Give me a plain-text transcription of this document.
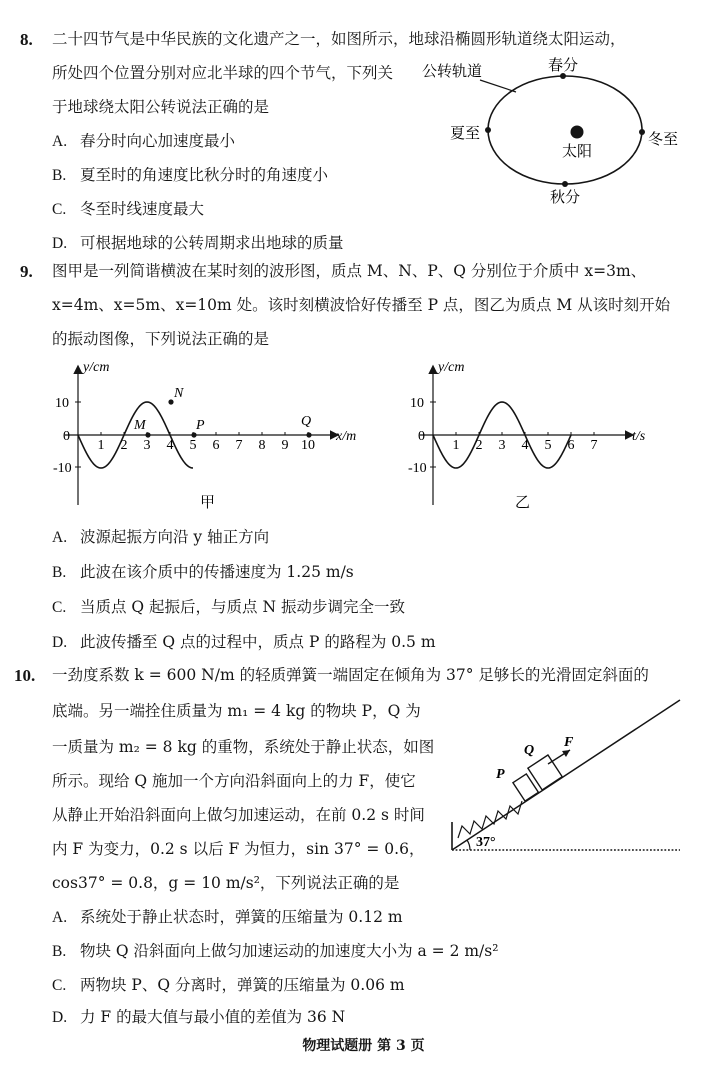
8. 二十四节气是中华民族的文化遗产之一，如图所示，地球沿椭圆形轨道绕太阳运动，
所处四个位置分别对应北半球的四个节气，下列关
于地球绕太阳公转说法正确的是
A. 春分时向心加速度最小
B. 夏至时的角速度比秋分时的角速度小
C. 冬至时线速度最大
D. 可根据地球的公转周期求出地球的质量
公转轨道	春分
夏至	冬至
秋分
太阳
9. 图甲是一列简谐横波在某时刻的波形图，质点 M、N、P、Q 分别位于介质中 x=3m、
x=4m、x=5m、x=10m 处。该时刻横波恰好传播至 P 点，图乙为质点 M 从该时刻开始
的振动图像，下列说法正确的是
y/cm
x/m
10
0
-10
1 2 3 4 5 6 7 8 9 10
M
N
P	Q
甲
y/cm
t/s
10
0
-10
1 2 3 4 5 6 7
乙
A. 波源起振方向沿 y 轴正方向
B. 此波在该介质中的传播速度为 1.25 m/s
C. 当质点 Q 起振后，与质点 N 振动步调完全一致
D. 此波传播至 Q 点的过程中，质点 P 的路程为 0.5 m
10. 一劲度系数 k = 600 N/m 的轻质弹簧一端固定在倾角为 37° 足够长的光滑固定斜面的
底端。另一端拴住质量为 m₁ = 4 kg 的物块 P，Q 为
一质量为 m₂ = 8 kg 的重物，系统处于静止状态，如图
所示。现给 Q 施加一个方向沿斜面向上的力 F，使它
从静止开始沿斜面向上做匀加速运动，在前 0.2 s 时间
内 F 为变力，0.2 s 以后 F 为恒力，sin 37° = 0.6，
cos37° = 0.8，g = 10 m/s²，下列说法正确的是
37°
P
Q
F
A. 系统处于静止状态时，弹簧的压缩量为 0.12 m
B. 物块 Q 沿斜面向上做匀加速运动的加速度大小为 a = 2 m/s²
C. 两物块 P、Q 分离时，弹簧的压缩量为 0.06 m
D. 力 F 的最大值与最小值的差值为 36 N
物理试题册 第 3 页
